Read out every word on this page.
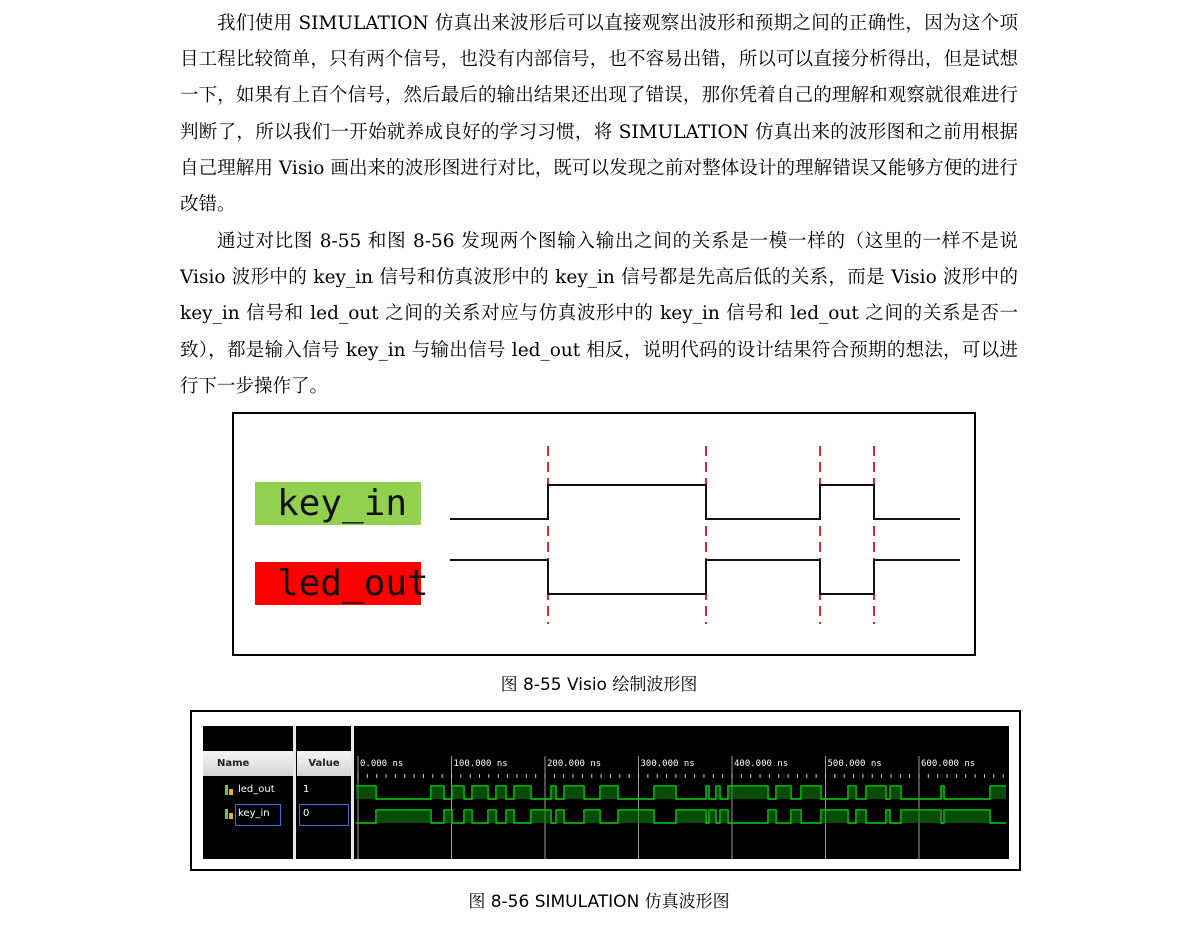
我们使用 SIMULATION 仿真出来波形后可以直接观察出波形和预期之间的正确性，因为这个项目工程比较简单，只有两个信号，也没有内部信号，也不容易出错，所以可以直接分析得出，但是试想一下，如果有上百个信号，然后最后的输出结果还出现了错误，那你凭着自己的理解和观察就很难进行判断了，所以我们一开始就养成良好的学习习惯，将 SIMULATION 仿真出来的波形图和之前用根据自己理解用 Visio 画出来的波形图进行对比，既可以发现之前对整体设计的理解错误又能够方便的进行改错。

通过对比图 8-55 和图 8-56 发现两个图输入输出之间的关系是一模一样的（这里的一样不是说 Visio 波形中的 key_in 信号和仿真波形中的 key_in 信号都是先高后低的关系，而是 Visio 波形中的 key_in 信号和 led_out 之间的关系对应与仿真波形中的 key_in 信号和 led_out 之间的关系是否一致），都是输入信号 key_in 与输出信号 led_out 相反，说明代码的设计结果符合预期的想法，可以进行下一步操作了。

key_in
led_out
图 8-55 Visio 绘制波形图
Name	Value
led_out	1
key_in	0
0.000 ns	100.000 ns	200.000 ns	300.000 ns	400.000 ns	500.000 ns	600.000 ns
图 8-56 SIMULATION 仿真波形图
